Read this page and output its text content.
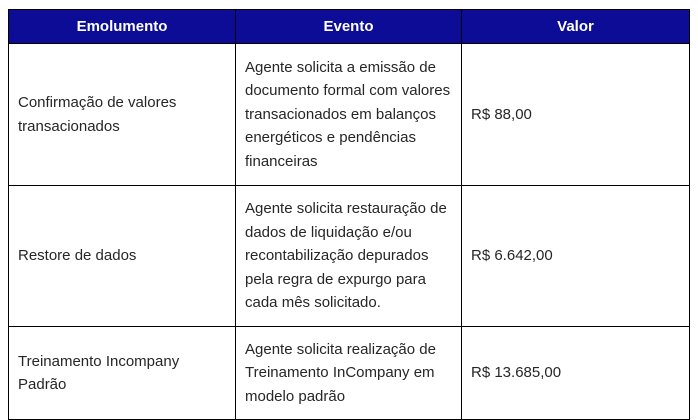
Emolumento	Evento	Valor
Confirmação de valores transacionados	Agente solicita a emissão de documento formal com valores transacionados em balanços energéticos e pendências financeiras	R$ 88,00
Restore de dados	Agente solicita restauração de dados de liquidação e/ou recontabilização depurados pela regra de expurgo para cada mês solicitado.	R$ 6.642,00
Treinamento Incompany Padrão	Agente solicita realização de Treinamento InCompany em modelo padrão	R$ 13.685,00
